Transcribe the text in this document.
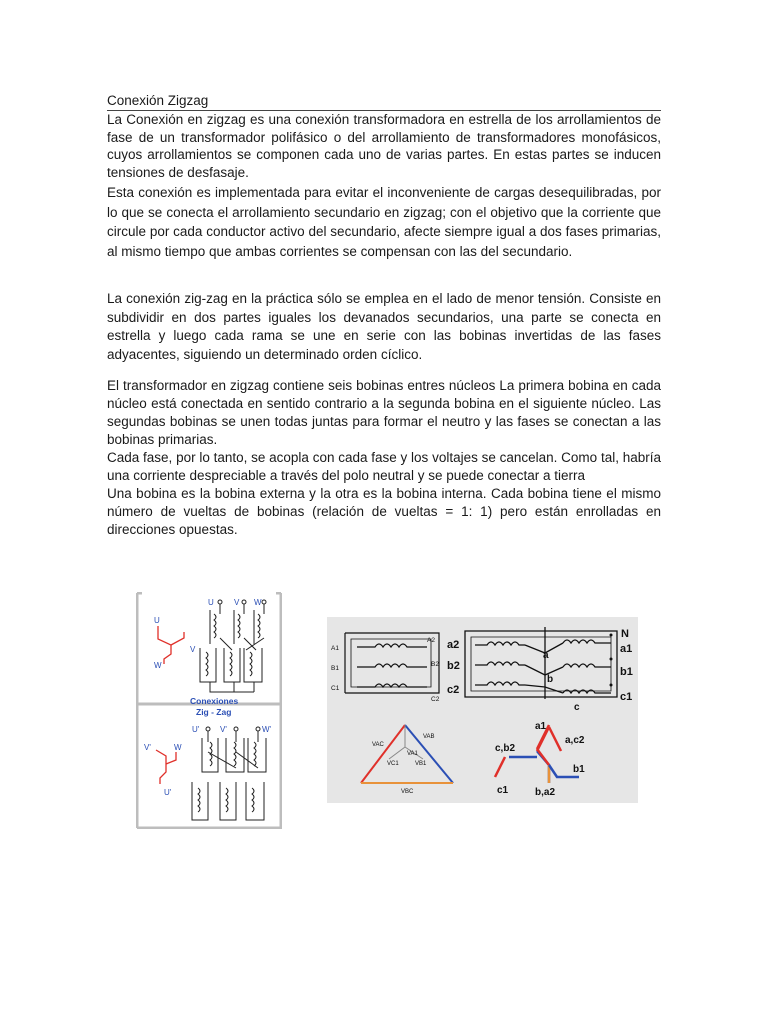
Conexión Zigzag

La Conexión en zigzag es una conexión transformadora en estrella de los arrollamientos de fase de un transformador polifásico o del arrollamiento de transformadores monofásicos, cuyos arrollamientos se componen cada uno de varias partes. En estas partes se inducen tensiones de desfasaje.

Esta conexión es implementada para evitar el inconveniente de cargas desequilibradas, por lo que se conecta el arrollamiento secundario en zigzag; con el objetivo que la corriente que circule por cada conductor activo del secundario, afecte siempre igual a dos fases primarias, al mismo tiempo que ambas corrientes se compensan con las del secundario.

La conexión zig-zag en la práctica sólo se emplea en el lado de menor tensión. Consiste en subdividir en dos partes iguales los devanados secundarios, una parte se conecta en estrella y luego cada rama se une en serie con las bobinas invertidas de las fases adyacentes, siguiendo un determinado orden cíclico.

El transformador en zigzag contiene seis bobinas entres núcleos La primera bobina en cada núcleo está conectada en sentido contrario a la segunda bobina en el siguiente núcleo. Las segundas bobinas se unen todas juntas para formar el neutro y las fases se conectan a las bobinas primarias.
Cada fase, por lo tanto, se acopla con cada fase y los voltajes se cancelan. Como tal, habría una corriente despreciable a través del polo neutral y se puede conectar a tierra
Una bobina es la bobina externa y la otra es la bobina interna. Cada bobina tiene el mismo número de vueltas de bobinas (relación de vueltas = 1: 1) pero están enrolladas en direcciones opuestas.

U
V
W
U	V W
Conexiones
Zig - Zag
V'	W
U'
U'	V'	W'
A1
A2
B1
B2
C1
C2
a2
b2
c2
a
b
c
N
a1
b1
c1
VAC
VAB
VA1
VC1	VB1
VBC
a1
a,c2
c,b2
b1
c1	b,a2
